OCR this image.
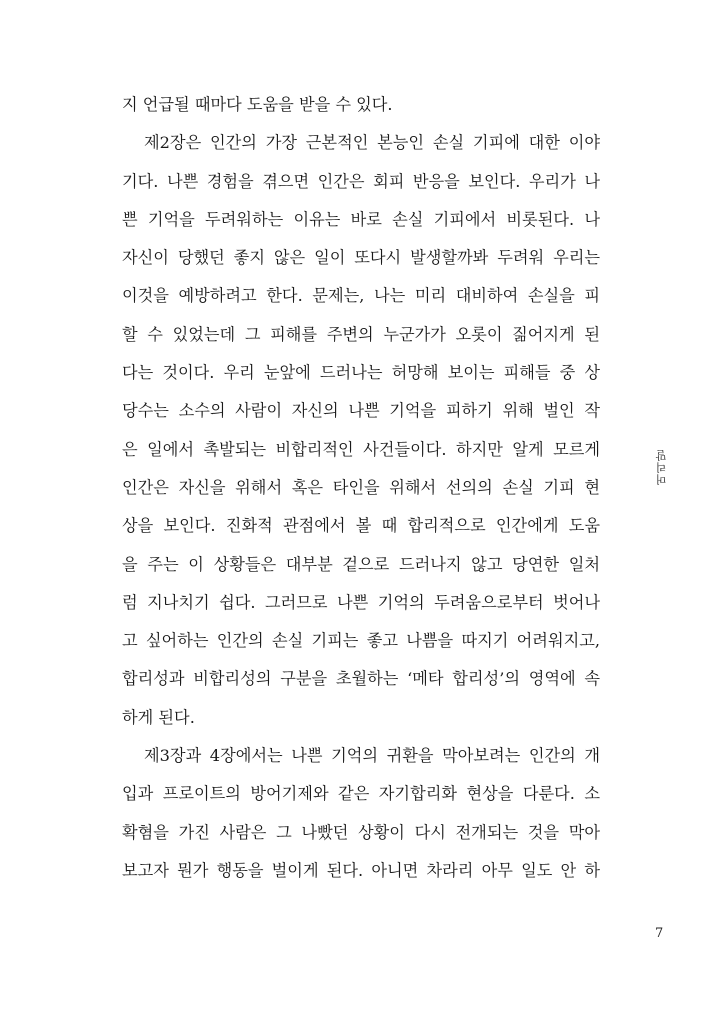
지 언급될 때마다 도움을 받을 수 있다.
제2장은 인간의 가장 근본적인 본능인 손실 기피에 대한 이야
기다. 나쁜 경험을 겪으면 인간은 회피 반응을 보인다. 우리가 나
쁜 기억을 두려워하는 이유는 바로 손실 기피에서 비롯된다. 나
자신이 당했던 좋지 않은 일이 또다시 발생할까봐 두려워 우리는
이것을 예방하려고 한다. 문제는, 나는 미리 대비하여 손실을 피
할 수 있었는데 그 피해를 주변의 누군가가 오롯이 짊어지게 된
다는 것이다. 우리 눈앞에 드러나는 허망해 보이는 피해들 중 상
당수는 소수의 사람이 자신의 나쁜 기억을 피하기 위해 벌인 작
은 일에서 촉발되는 비합리적인 사건들이다. 하지만 알게 모르게
인간은 자신을 위해서 혹은 타인을 위해서 선의의 손실 기피 현
상을 보인다. 진화적 관점에서 볼 때 합리적으로 인간에게 도움
을 주는 이 상황들은 대부분 겉으로 드러나지 않고 당연한 일처
럼 지나치기 쉽다. 그러므로 나쁜 기억의 두려움으로부터 벗어나
고 싶어하는 인간의 손실 기피는 좋고 나쁨을 따지기 어려워지고,
합리성과 비합리성의 구분을 초월하는 ‘메타 합리성’의 영역에 속
하게 된다.
제3장과 4장에서는 나쁜 기억의 귀환을 막아보려는 인간의 개
입과 프로이트의 방어기제와 같은 자기합리화 현상을 다룬다. 소
확혐을 가진 사람은 그 나빴던 상황이 다시 전개되는 것을 막아
보고자 뭔가 행동을 벌이게 된다. 아니면 차라리 아무 일도 안 하
머리말
7
